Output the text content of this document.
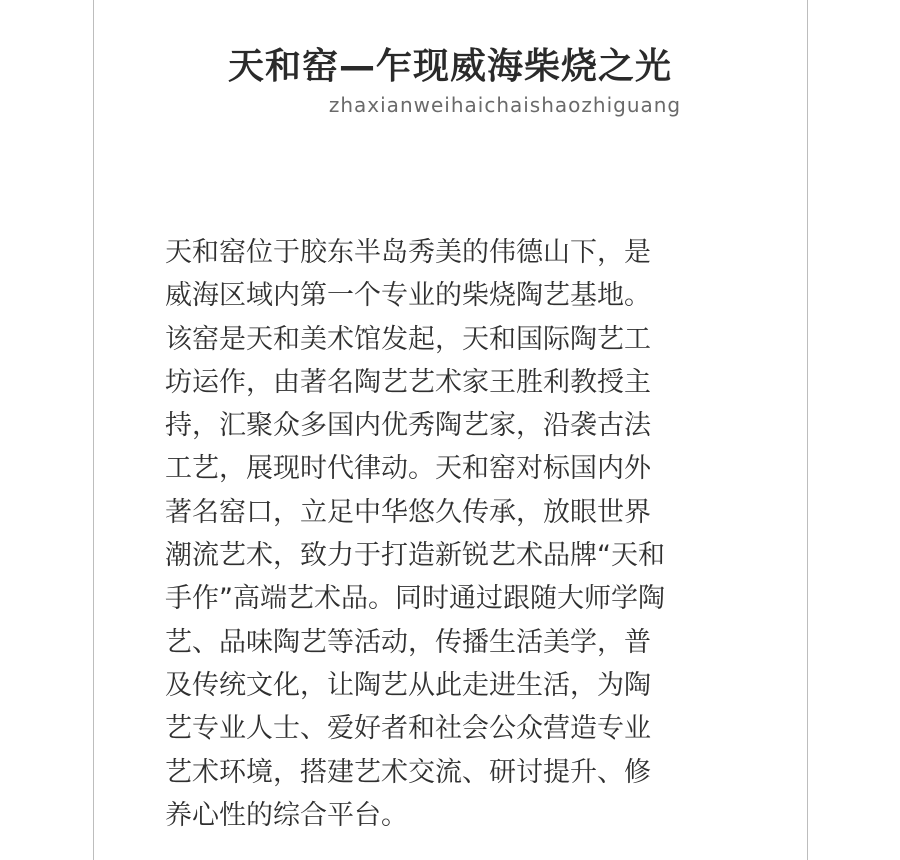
天和窑—乍现威海柴烧之光
zhaxianweihaichaishaozhiguang
天和窑位于胶东半岛秀美的伟德山下，是
威海区域内第一个专业的柴烧陶艺基地。
该窑是天和美术馆发起，天和国际陶艺工
坊运作，由著名陶艺艺术家王胜利教授主
持，汇聚众多国内优秀陶艺家，沿袭古法
工艺，展现时代律动。天和窑对标国内外
著名窑口，立足中华悠久传承，放眼世界
潮流艺术，致力于打造新锐艺术品牌“天和
手作”高端艺术品。同时通过跟随大师学陶
艺、品味陶艺等活动，传播生活美学，普
及传统文化，让陶艺从此走进生活，为陶
艺专业人士、爱好者和社会公众营造专业
艺术环境，搭建艺术交流、研讨提升、修
养心性的综合平台。
